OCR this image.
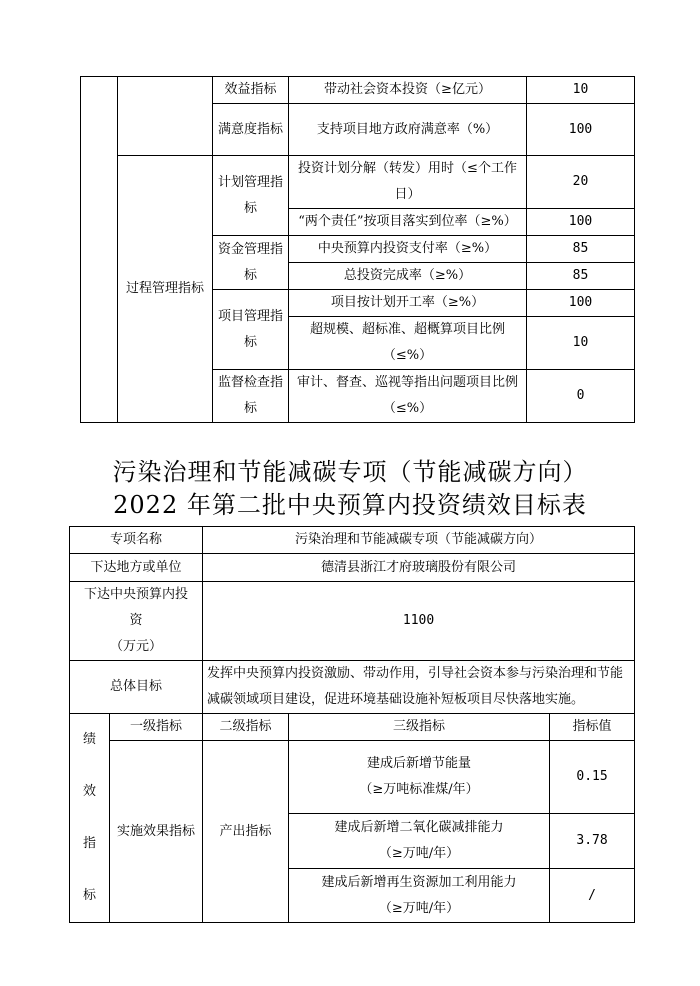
		效益指标	带动社会资本投资（≥亿元）	10
		满意度指标	支持项目地方政府满意率（%）	100
	过程管理指标	计划管理指标	投资计划分解（转发）用时（≤个工作日）	20
			“两个责任”按项目落实到位率（≥%）	100
		资金管理指标	中央预算内投资支付率（≥%）	85
			总投资完成率（≥%）	85
		项目管理指标	项目按计划开工率（≥%）	100
			超规模、超标准、超概算项目比例（≤%）	10
		监督检查指标	审计、督查、巡视等指出问题项目比例（≤%）	0
污染治理和节能减碳专项（节能减碳方向）
2022 年第二批中央预算内投资绩效目标表
专项名称		污染治理和节能减碳专项（节能减碳方向）		
下达地方或单位		德清县浙江才府玻璃股份有限公司		

下达中央预算内投
资
（万元）		1100		
总体目标		发挥中央预算内投资激励、带动作用，引导社会资本参与污染治理和节能减碳领域项目建设，促进环境基础设施补短板项目尽快落地实施。		

绩
效
指
标	一级指标	二级指标	三级指标	指标值
	实施效果指标	产出指标	建成后新增节能量
（≥万吨标准煤/年）	0.15

			建成后新增二氧化碳减排能力
（≥万吨/年）	3.78

			建成后新增再生资源加工利用能力
（≥万吨/年）	/
